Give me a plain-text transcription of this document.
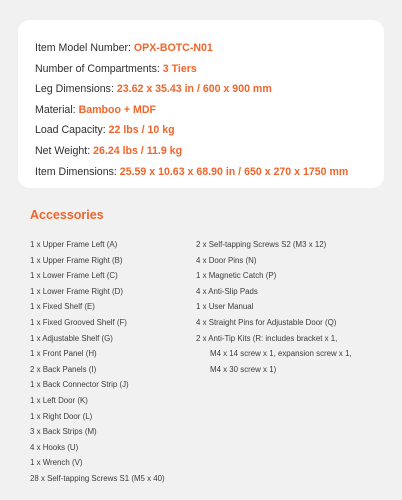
Item Model Number: OPX-BOTC-N01
Number of Compartments: 3 Tiers
Leg Dimensions: 23.62 x 35.43 in / 600 x 900 mm
Material: Bamboo + MDF
Load Capacity: 22 lbs / 10 kg
Net Weight: 26.24 lbs / 11.9 kg
Item Dimensions: 25.59 x 10.63 x 68.90 in / 650 x 270 x 1750 mm
Accessories
1 x Upper Frame Left (A)
1 x Upper Frame Right (B)
1 x Lower Frame Left (C)
1 x Lower Frame Right (D)
1 x Fixed Shelf (E)
1 x Fixed Grooved Shelf (F)
1 x Adjustable Shelf (G)
1 x Front Panel (H)
2 x Back Panels (I)
1 x Back Connector Strip (J)
1 x Left Door (K)
1 x Right Door (L)
3 x Back Strips (M)
4 x Hooks (U)
1 x Wrench (V)
28 x Self-tapping Screws S1 (M5 x 40)
2 x Self-tapping Screws S2 (M3 x 12)
4 x Door Pins (N)
1 x Magnetic Catch (P)
4 x Anti-Slip Pads
1 x User Manual
4 x Straight Pins for Adjustable Door (Q)
2 x Anti-Tip Kits (R: includes bracket x 1,
M4 x 14 screw x 1, expansion screw x 1,
M4 x 30 screw x 1)
